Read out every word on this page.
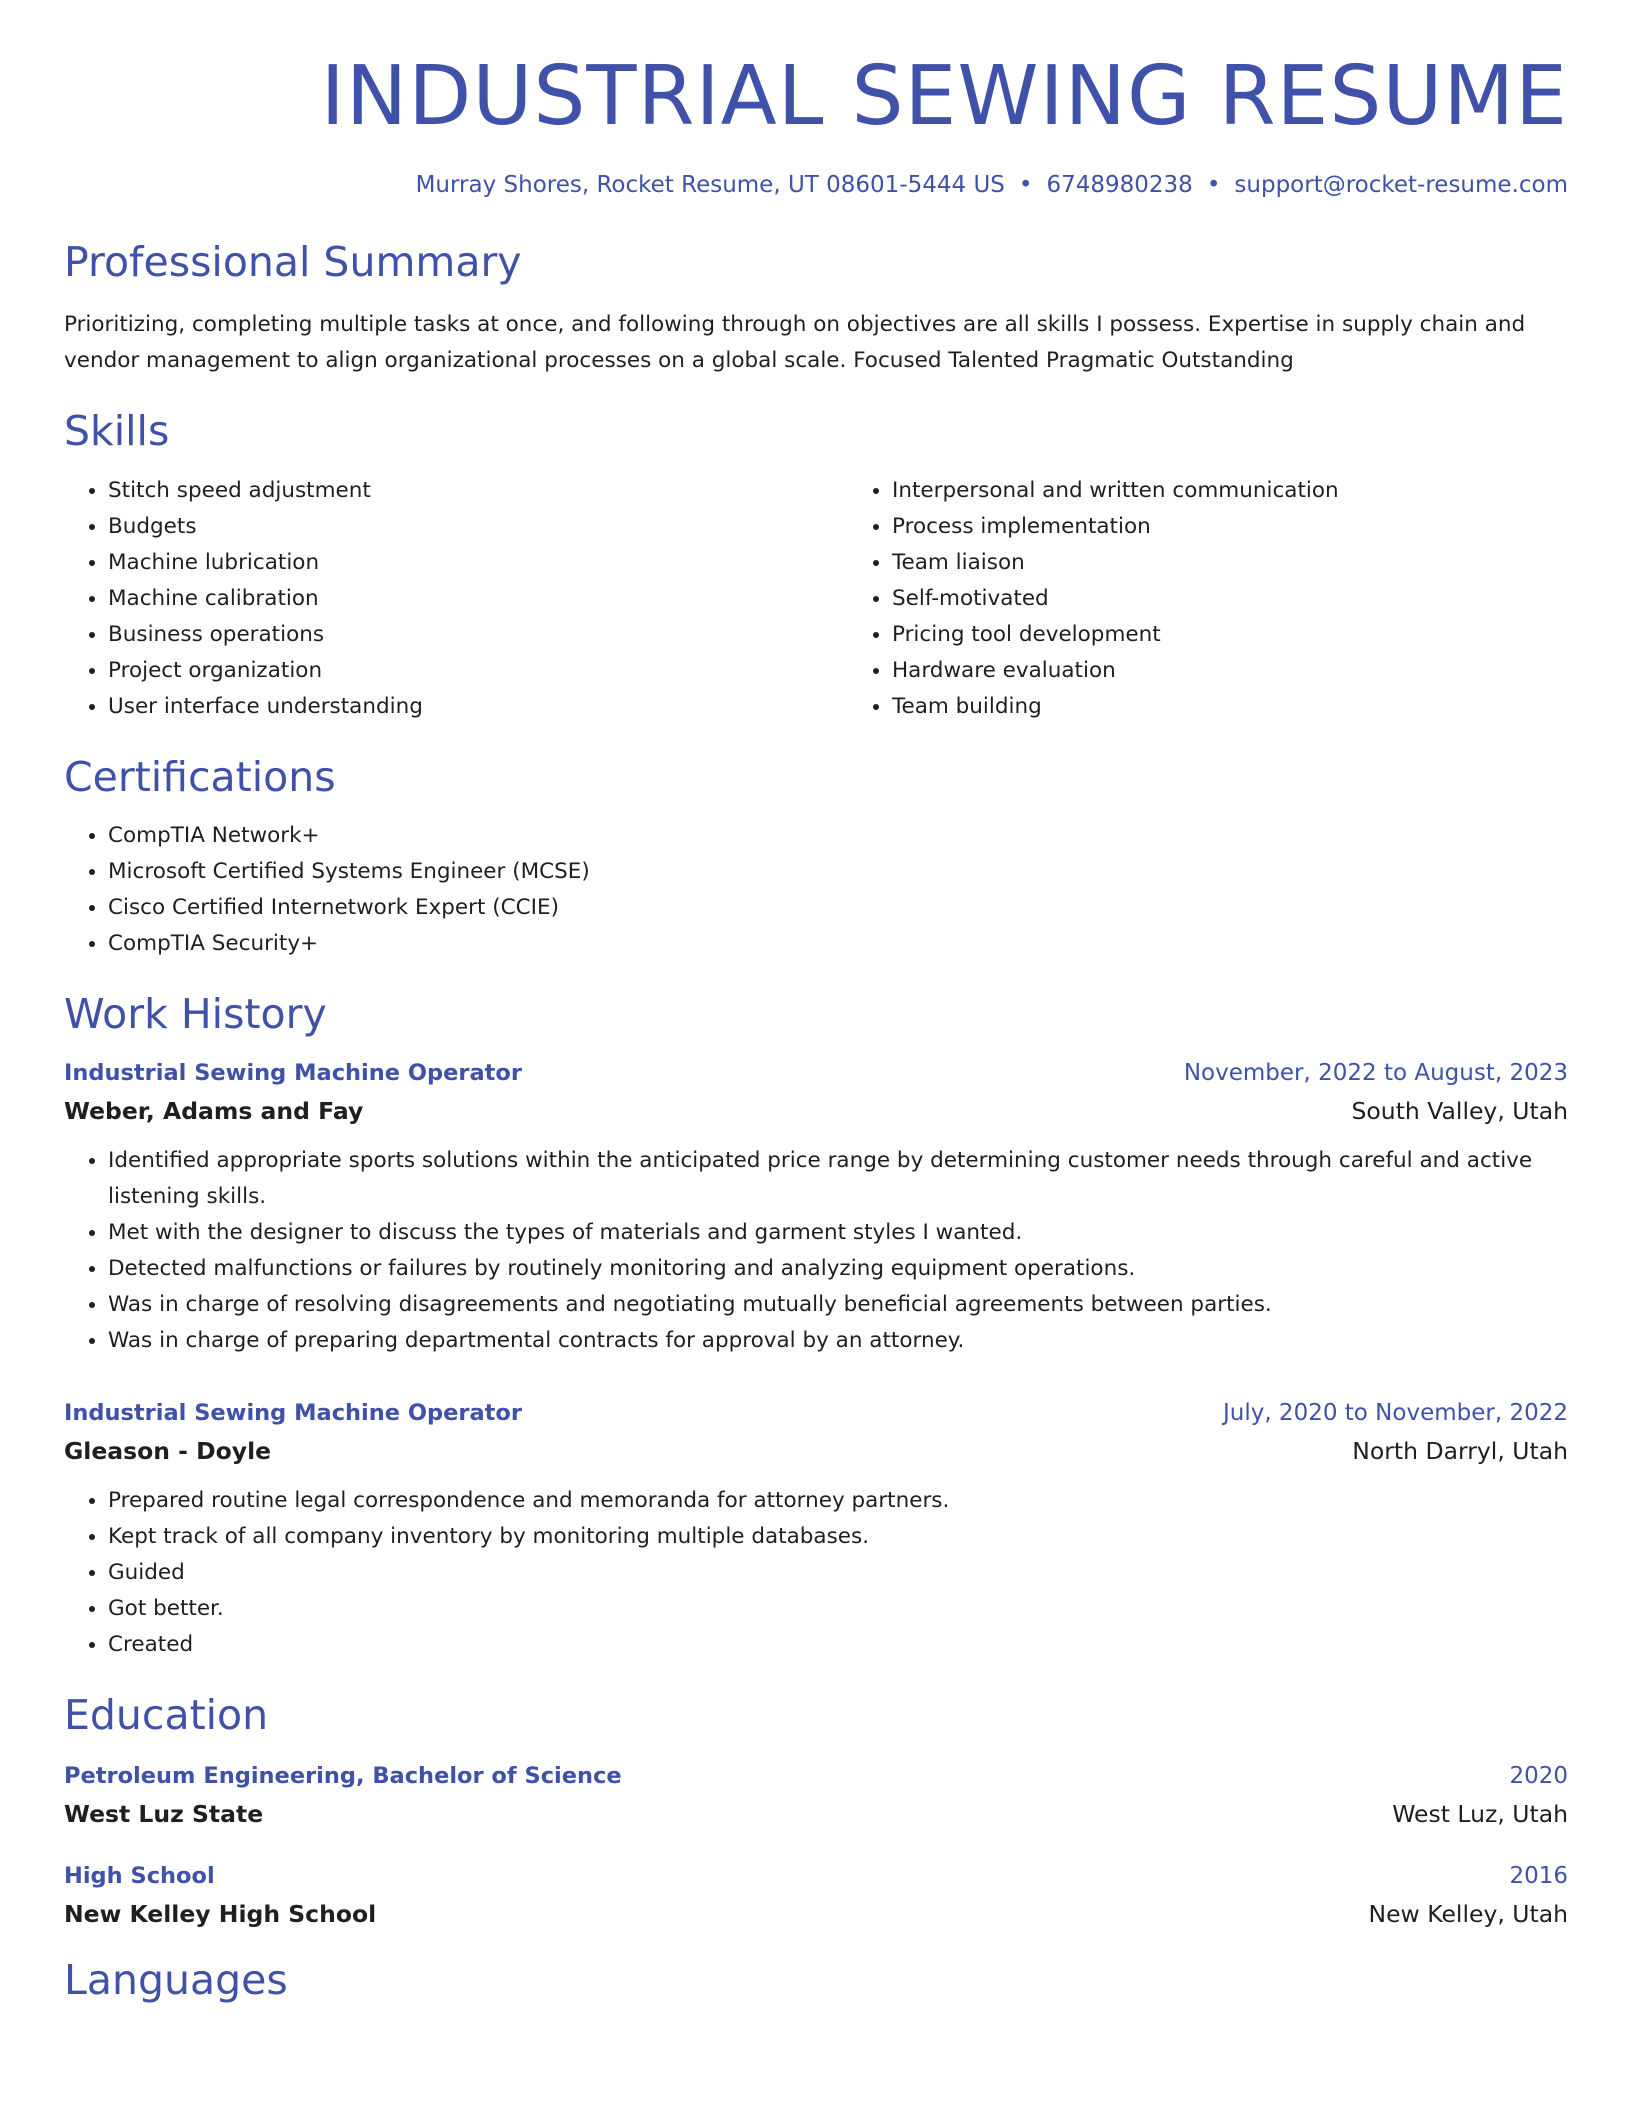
INDUSTRIAL SEWING RESUME
Murray Shores, Rocket Resume, UT 08601-5444 US • 6748980238 • support@rocket-resume.com
Professional Summary

Prioritizing, completing multiple tasks at once, and following through on objectives are all skills I possess. Expertise in supply chain and vendor management to align organizational processes on a global scale. Focused Talented Pragmatic Outstanding

Skills
• Stitch speed adjustment
• Budgets
• Machine lubrication
• Machine calibration
• Business operations
• Project organization
• User interface understanding
• Interpersonal and written communication
• Process implementation
• Team liaison
• Self-motivated
• Pricing tool development
• Hardware evaluation
• Team building
Certifications
• CompTIA Network+
• Microsoft Certified Systems Engineer (MCSE)
• Cisco Certified Internetwork Expert (CCIE)
• CompTIA Security+
Work History
Industrial Sewing Machine Operator	November, 2022 to August, 2023
Weber, Adams and Fay	South Valley, Utah
• Identified appropriate sports solutions within the anticipated price range by determining customer needs through careful and active listening skills.
• Met with the designer to discuss the types of materials and garment styles I wanted.
• Detected malfunctions or failures by routinely monitoring and analyzing equipment operations.
• Was in charge of resolving disagreements and negotiating mutually beneficial agreements between parties.
• Was in charge of preparing departmental contracts for approval by an attorney.
Industrial Sewing Machine Operator	July, 2020 to November, 2022
Gleason - Doyle	North Darryl, Utah
• Prepared routine legal correspondence and memoranda for attorney partners.
• Kept track of all company inventory by monitoring multiple databases.
• Guided
• Got better.
• Created
Education
Petroleum Engineering, Bachelor of Science	2020
West Luz State	West Luz, Utah
High School	2016
New Kelley High School	New Kelley, Utah
Languages
